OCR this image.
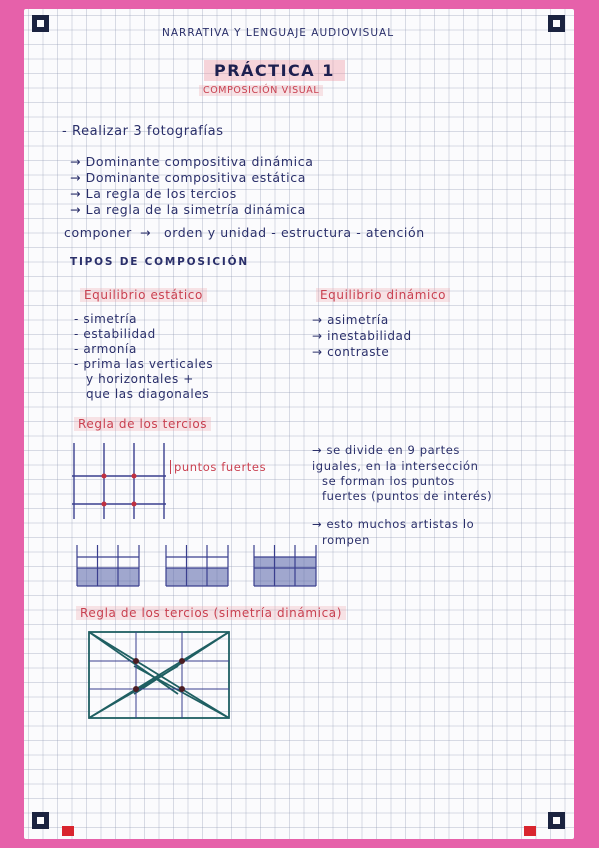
NARRATIVA Y LENGUAJE AUDIOVISUAL
PRÁCTICA 1
COMPOSICIÓN VISUAL
- Realizar 3 fotografías
→ Dominante compositiva dinámica
→ Dominante compositiva estática
→ La regla de los tercios
→ La regla de la simetría dinámica
componer → orden y unidad - estructura - atención
TIPOS DE COMPOSICIÓN
Equilibrio estático
- simetría
- estabilidad
- armonía
- prima las verticales
y horizontales +
que las diagonales
Equilibrio dinámico
→ asimetría
→ inestabilidad
→ contraste
Regla de los tercios
puntos fuertes
→ se divide en 9 partes
iguales, en la intersección
se forman los puntos
fuertes (puntos de interés)
→ esto muchos artistas lo
rompen
Regla de los tercios (simetría dinámica)
